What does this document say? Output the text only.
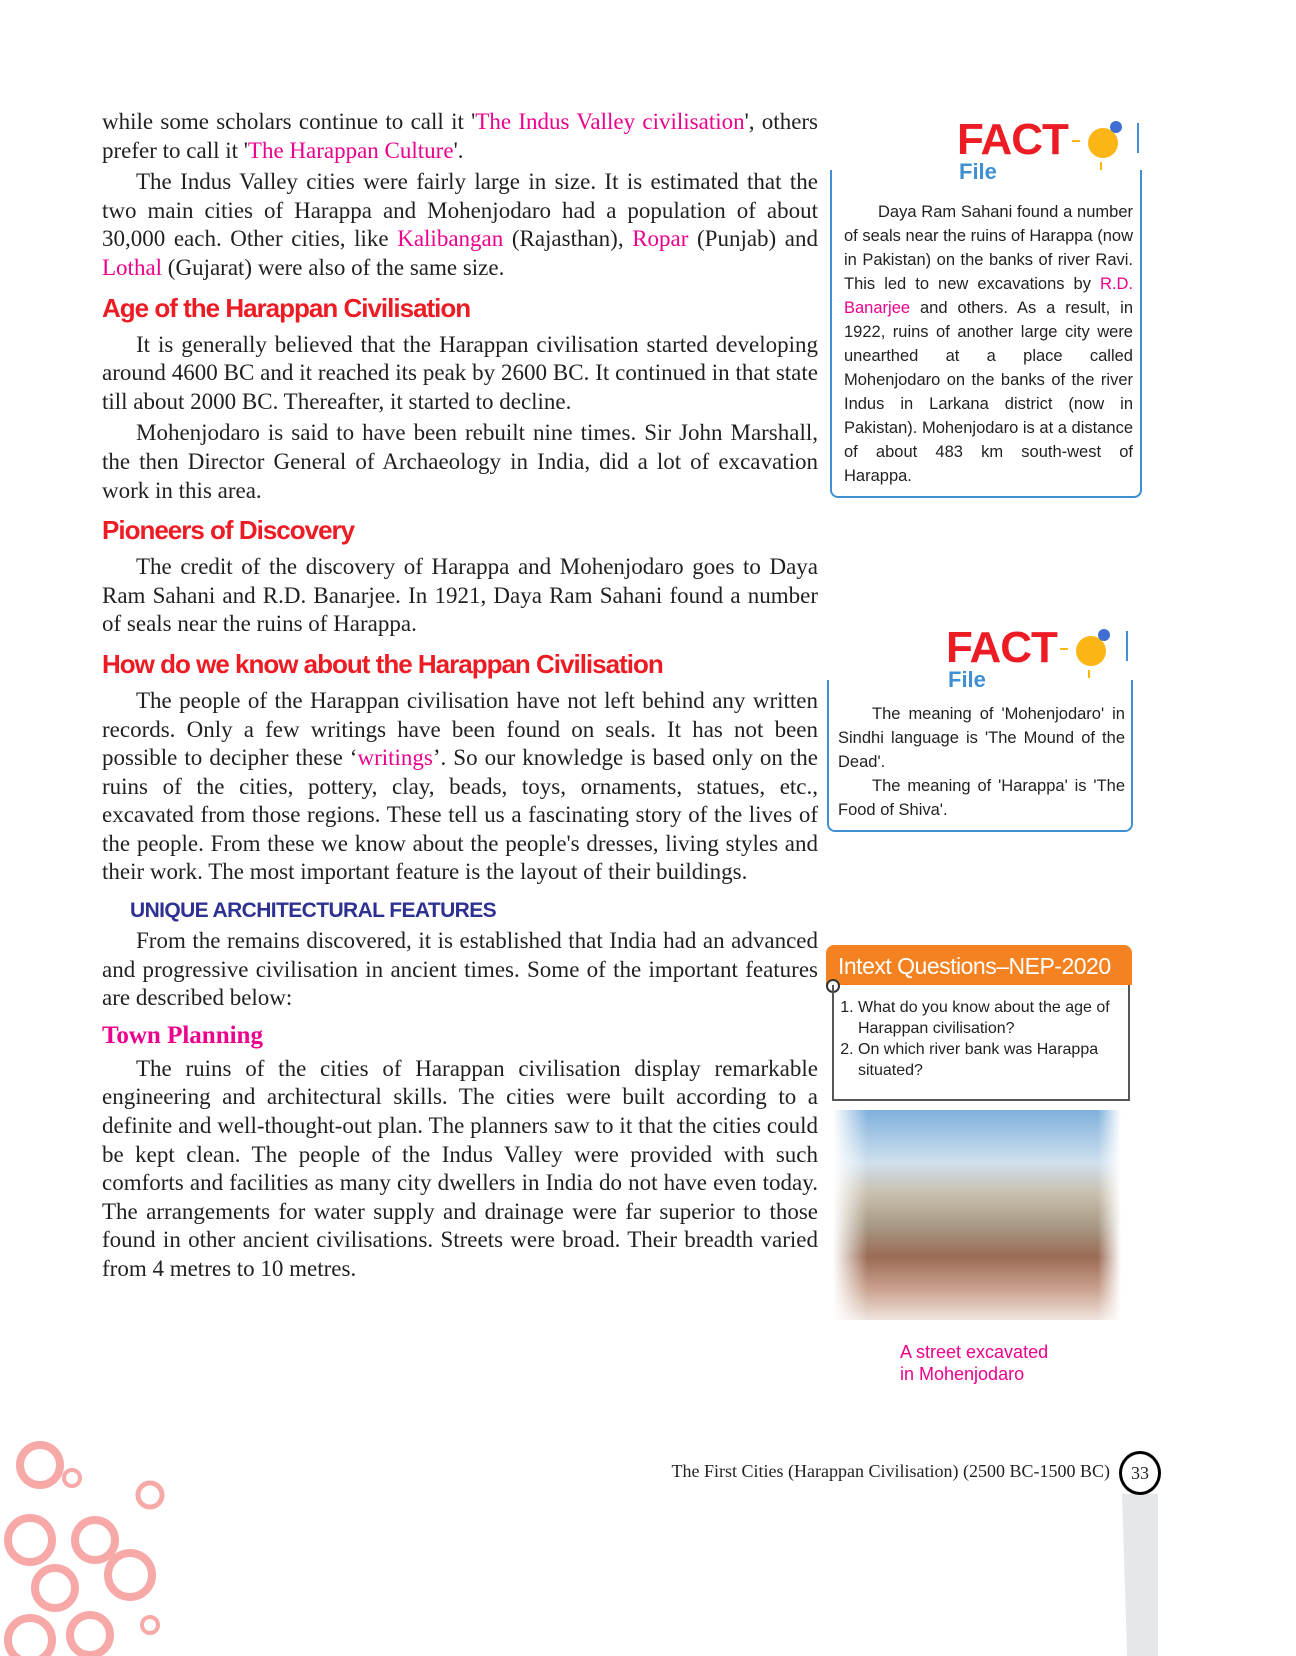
while some scholars continue to call it 'The Indus Valley civilisation', others prefer to call it 'The Harappan Culture'.

The Indus Valley cities were fairly large in size. It is estimated that the two main cities of Harappa and Mohenjodaro had a population of about 30,000 each. Other cities, like Kalibangan (Rajasthan), Ropar (Punjab) and Lothal (Gujarat) were also of the same size.

Age of the Harappan Civilisation

It is generally believed that the Harappan civilisation started developing around 4600 BC and it reached its peak by 2600 BC. It continued in that state till about 2000 BC. Thereafter, it started to decline.

Mohenjodaro is said to have been rebuilt nine times. Sir John Marshall, the then Director General of Archaeology in India, did a lot of excavation work in this area.

Pioneers of Discovery

The credit of the discovery of Harappa and Mohenjodaro goes to Daya Ram Sahani and R.D. Banarjee. In 1921, Daya Ram Sahani found a number of seals near the ruins of Harappa.

How do we know about the Harappan Civilisation

The people of the Harappan civilisation have not left behind any written records. Only a few writings have been found on seals. It has not been possible to decipher these ‘writings’. So our knowledge is based only on the ruins of the cities, pottery, clay, beads, toys, ornaments, statues, etc., excavated from those regions. These tell us a fascinating story of the lives of the people. From these we know about the people's dresses, living styles and their work. The most important feature is the layout of their buildings.

UNIQUE ARCHITECTURAL FEATURES

From the remains discovered, it is established that India had an advanced and progressive civilisation in ancient times. Some of the important features are described below:

Town Planning

The ruins of the cities of Harappan civilisation display remarkable engineering and architectural skills. The cities were built according to a definite and well-thought-out plan. The planners saw to it that the cities could be kept clean. The people of the Indus Valley were provided with such comforts and facilities as many city dwellers in India do not have even today. The arrangements for water supply and drainage were far superior to those found in other ancient civilisations. Streets were broad. Their breadth varied from 4 metres to 10 metres.

FACT
File
Daya Ram Sahani found a number of seals near the ruins of Harappa (now in Pakistan) on the banks of river Ravi. This led to new excavations by R.D. Banarjee and others. As a result, in 1922, ruins of another large city were unearthed at a place called Mohenjodaro on the banks of the river Indus in Larkana district (now in Pakistan). Mohenjodaro is at a distance of about 483 km south-west of Harappa.
FACT
File
The meaning of 'Mohenjodaro' in Sindhi language is 'The Mound of the Dead'.
The meaning of 'Harappa' is 'The Food of Shiva'.
Intext Questions–NEP-2020
1. What do you know about the age of Harappan civilisation?
2. On which river bank was Harappa situated?
A street excavated
in Mohenjodaro
The First Cities (Harappan Civilisation) (2500 BC-1500 BC)	33
